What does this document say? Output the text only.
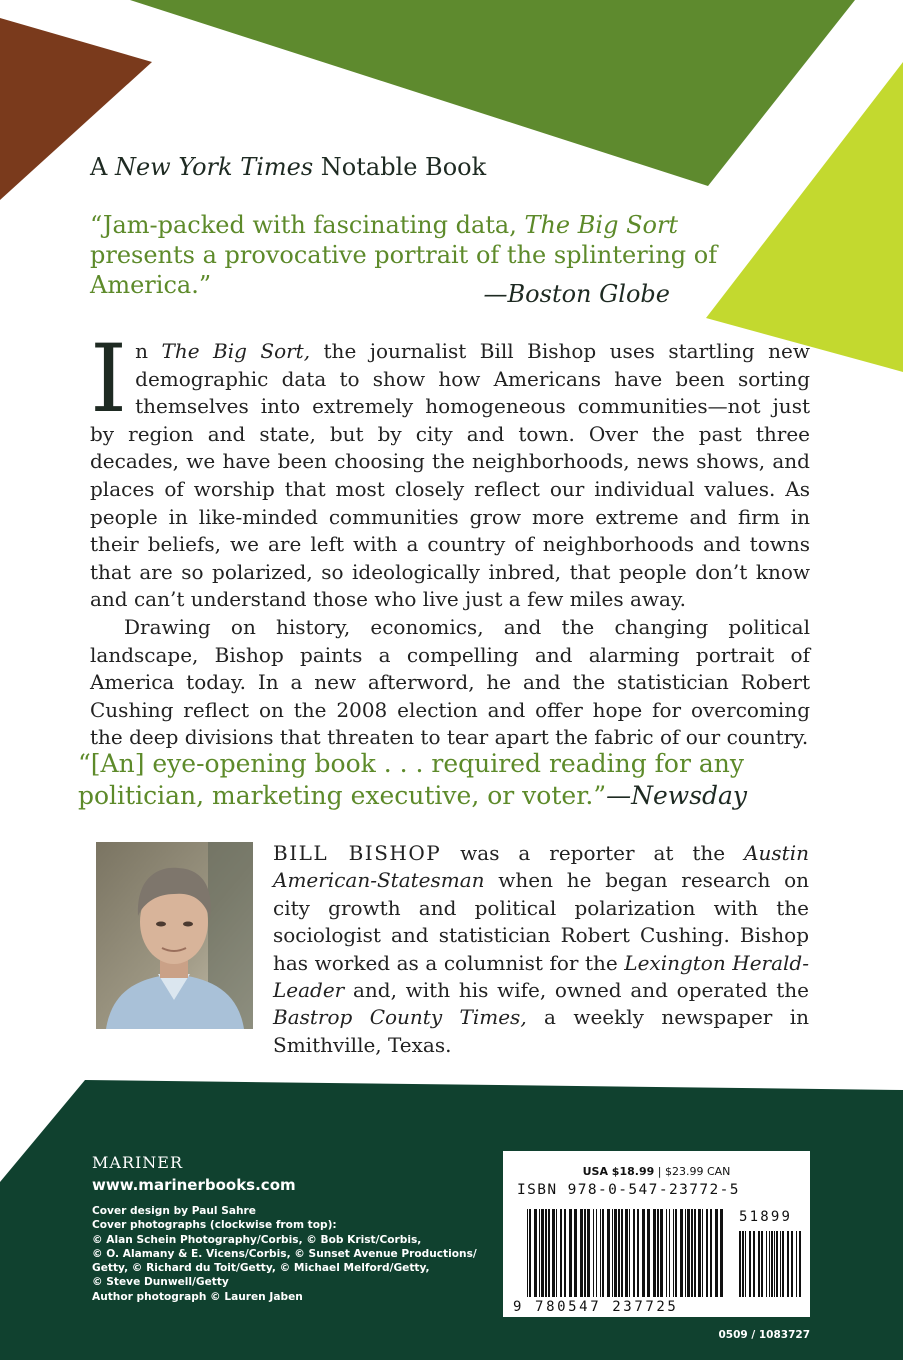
A New York Times Notable Book
“Jam-packed with fascinating data, The Big Sort presents a provocative portrait of the splintering of America.”	—Boston Globe

In The Big Sort, the journalist Bill Bishop uses startling new demographic data to show how Americans have been sorting themselves into extremely homogeneous communities—not just by region and state, but by city and town. Over the past three decades, we have been choosing the neighborhoods, news shows, and places of worship that most closely reflect our individual values. As people in like-minded communities grow more extreme and firm in their beliefs, we are left with a country of neighborhoods and towns that are so polarized, so ideologically inbred, that people don’t know and can’t understand those who live just a few miles away.

Drawing on history, economics, and the changing political landscape, Bishop paints a compelling and alarming portrait of America today. In a new afterword, he and the statistician Robert Cushing reflect on the 2008 election and offer hope for overcoming the deep divisions that threaten to tear apart the fabric of our country.

“[An] eye-opening book . . . required reading for any politician, marketing executive, or voter.”—Newsday
BILL BISHOP was a reporter at the Austin American-Statesman when he began research on city growth and political polarization with the sociologist and statistician Robert Cushing. Bishop has worked as a columnist for the Lexington Herald-Leader and, with his wife, owned and operated the Bastrop County Times, a weekly newspaper in Smithville, Texas.
MARINER
www.marinerbooks.com
Cover design by Paul Sahre
Cover photographs (clockwise from top):
© Alan Schein Photography/Corbis, © Bob Krist/Corbis,
© O. Alamany & E. Vicens/Corbis, © Sunset Avenue Productions/
Getty, © Richard du Toit/Getty, © Michael Melford/Getty,
© Steve Dunwell/Getty
Author photograph © Lauren Jaben
USA $18.99 | $23.99 CAN
ISBN 978-0-547-23772-5
51899
9 780547 237725
0509 / 1083727
